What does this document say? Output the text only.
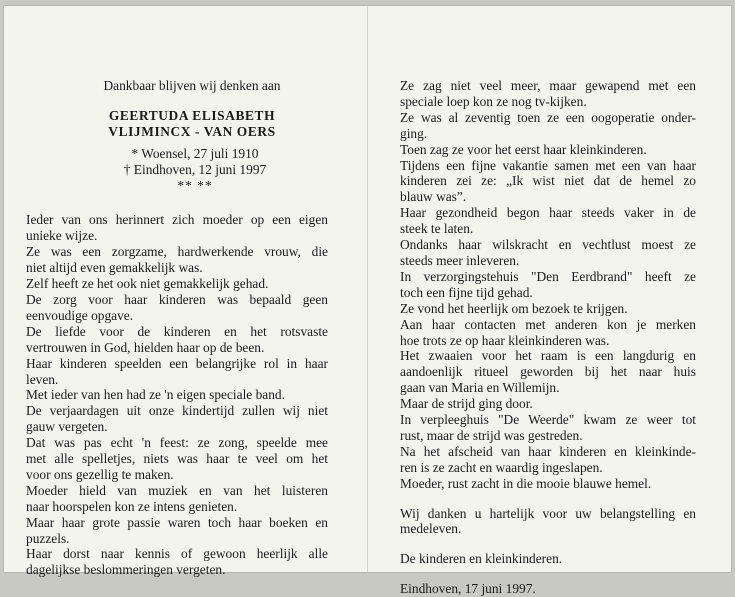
Dankbaar blijven wij denken aan
GEERTUDA ELISABETH
VLIJMINCX - VAN OERS
* Woensel, 27 juli 1910
† Eindhoven, 12 juni 1997
** **
Ieder van ons herinnert zich moeder op een eigen
unieke wijze.
Ze was een zorgzame, hardwerkende vrouw, die
niet altijd even gemakkelijk was.
Zelf heeft ze het ook niet gemakkelijk gehad.
De zorg voor haar kinderen was bepaald geen
eenvoudige opgave.
De liefde voor de kinderen en het rotsvaste
vertrouwen in God, hielden haar op de been.
Haar kinderen speelden een belangrijke rol in haar
leven.
Met ieder van hen had ze 'n eigen speciale band.
De verjaardagen uit onze kindertijd zullen wij niet
gauw vergeten.
Dat was pas echt 'n feest: ze zong, speelde mee
met alle spelletjes, niets was haar te veel om het
voor ons gezellig te maken.
Moeder hield van muziek en van het luisteren
naar hoorspelen kon ze intens genieten.
Maar haar grote passie waren toch haar boeken en
puzzels.
Haar dorst naar kennis of gewoon heerlijk alle
dagelijkse beslommeringen vergeten.
Ze zag niet veel meer, maar gewapend met een
speciale loep kon ze nog tv-kijken.
Ze was al zeventig toen ze een oogoperatie onder-
ging.
Toen zag ze voor het eerst haar kleinkinderen.
Tijdens een fijne vakantie samen met een van haar
kinderen zei ze: „Ik wist niet dat de hemel zo
blauw was”.
Haar gezondheid begon haar steeds vaker in de
steek te laten.
Ondanks haar wilskracht en vechtlust moest ze
steeds meer inleveren.
In verzorgingstehuis "Den Eerdbrand" heeft ze
toch een fijne tijd gehad.
Ze vond het heerlijk om bezoek te krijgen.
Aan haar contacten met anderen kon je merken
hoe trots ze op haar kleinkinderen was.
Het zwaaien voor het raam is een langdurig en
aandoenlijk ritueel geworden bij het naar huis
gaan van Maria en Willemijn.
Maar de strijd ging door.
In verpleeghuis "De Weerde" kwam ze weer tot
rust, maar de strijd was gestreden.
Na het afscheid van haar kinderen en kleinkinde-
ren is ze zacht en waardig ingeslapen.
Moeder, rust zacht in die mooie blauwe hemel.
Wij danken u hartelijk voor uw belangstelling en
medeleven.
De kinderen en kleinkinderen.
Eindhoven, 17 juni 1997.
